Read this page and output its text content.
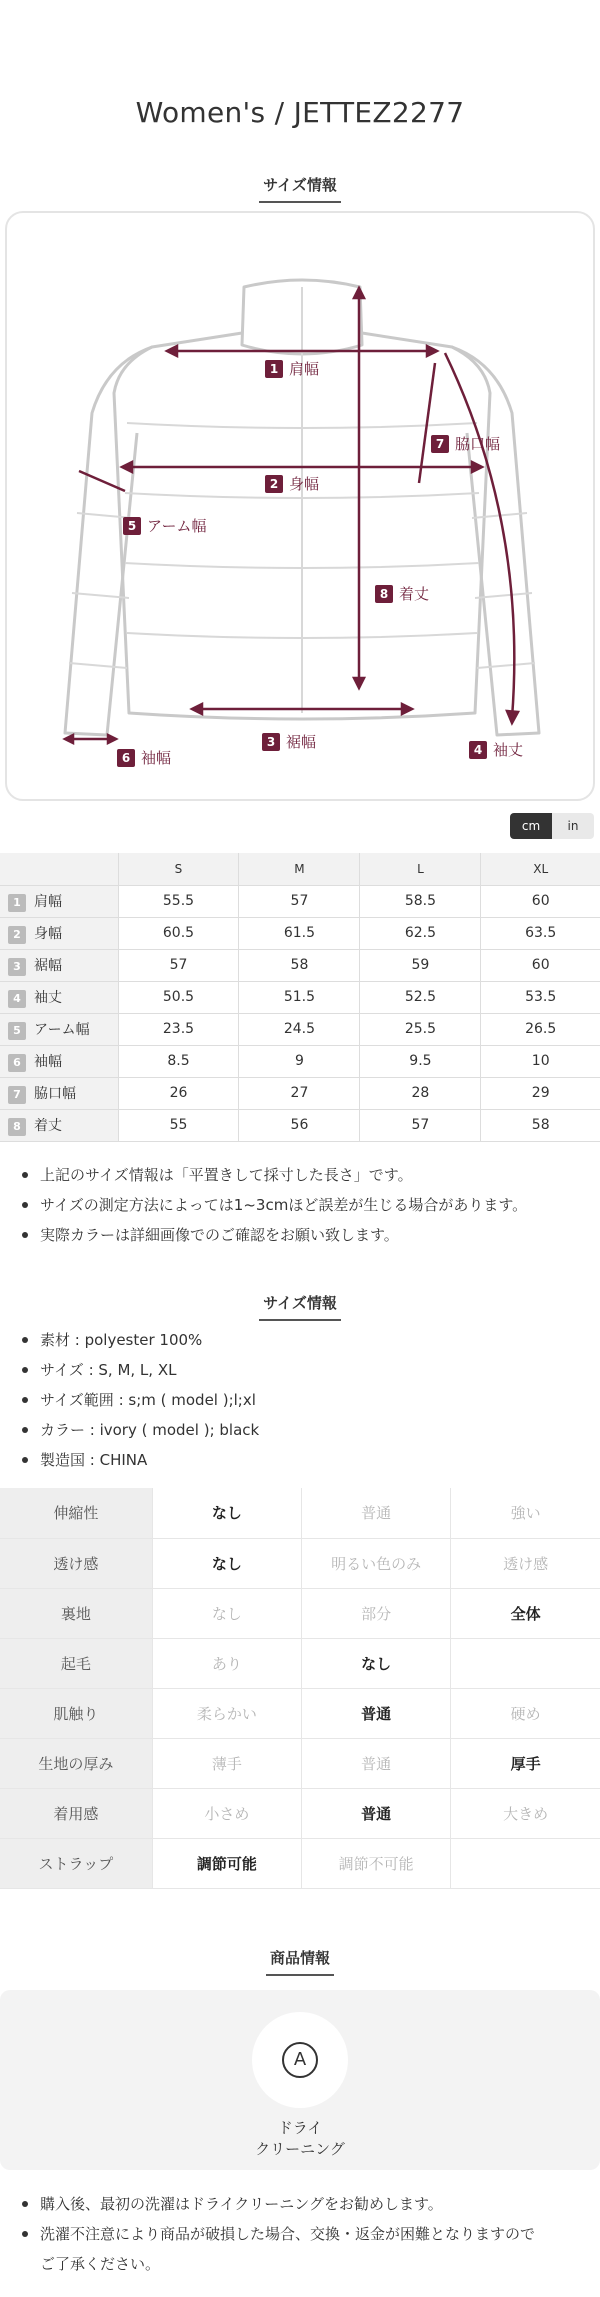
Women's / JETTEZ2277
サイズ情報
1 肩幅
2 身幅
3 裾幅	4 袖丈
5 アーム幅
6 袖幅
7 脇口幅
8 着丈
cm	in
	S	M	L	XL
1 肩幅	55.5	57	58.5	60
2 身幅	60.5	61.5	62.5	63.5
3 裾幅	57	58	59	60
4 袖丈	50.5	51.5	52.5	53.5
5 アーム幅	23.5	24.5	25.5	26.5
6 袖幅	8.5	9	9.5	10
7 脇口幅	26	27	28	29
8 着丈	55	56	57	58
上記のサイズ情報は「平置きして採寸した長さ」です。
サイズの測定方法によっては1~3cmほど誤差が生じる場合があります。
実際カラーは詳細画像でのご確認をお願い致します。
サイズ情報
素材 : polyester 100%
サイズ : S, M, L, XL
サイズ範囲 : s;m ( model );l;xl
カラー : ivory ( model ); black
製造国 : CHINA
伸縮性	なし	普通	強い
透け感	なし	明るい色のみ	透け感
裏地	なし	部分	全体
起毛	あり	なし	
肌触り	柔らかい	普通	硬め
生地の厚み	薄手	普通	厚手
着用感	小さめ	普通	大きめ
ストラップ	調節可能	調節不可能	
商品情報
A
ドライ
クリーニング
購入後、最初の洗濯はドライクリーニングをお勧めします。
洗濯不注意により商品が破損した場合、交換・返金が困難となりますので
ご了承ください。
